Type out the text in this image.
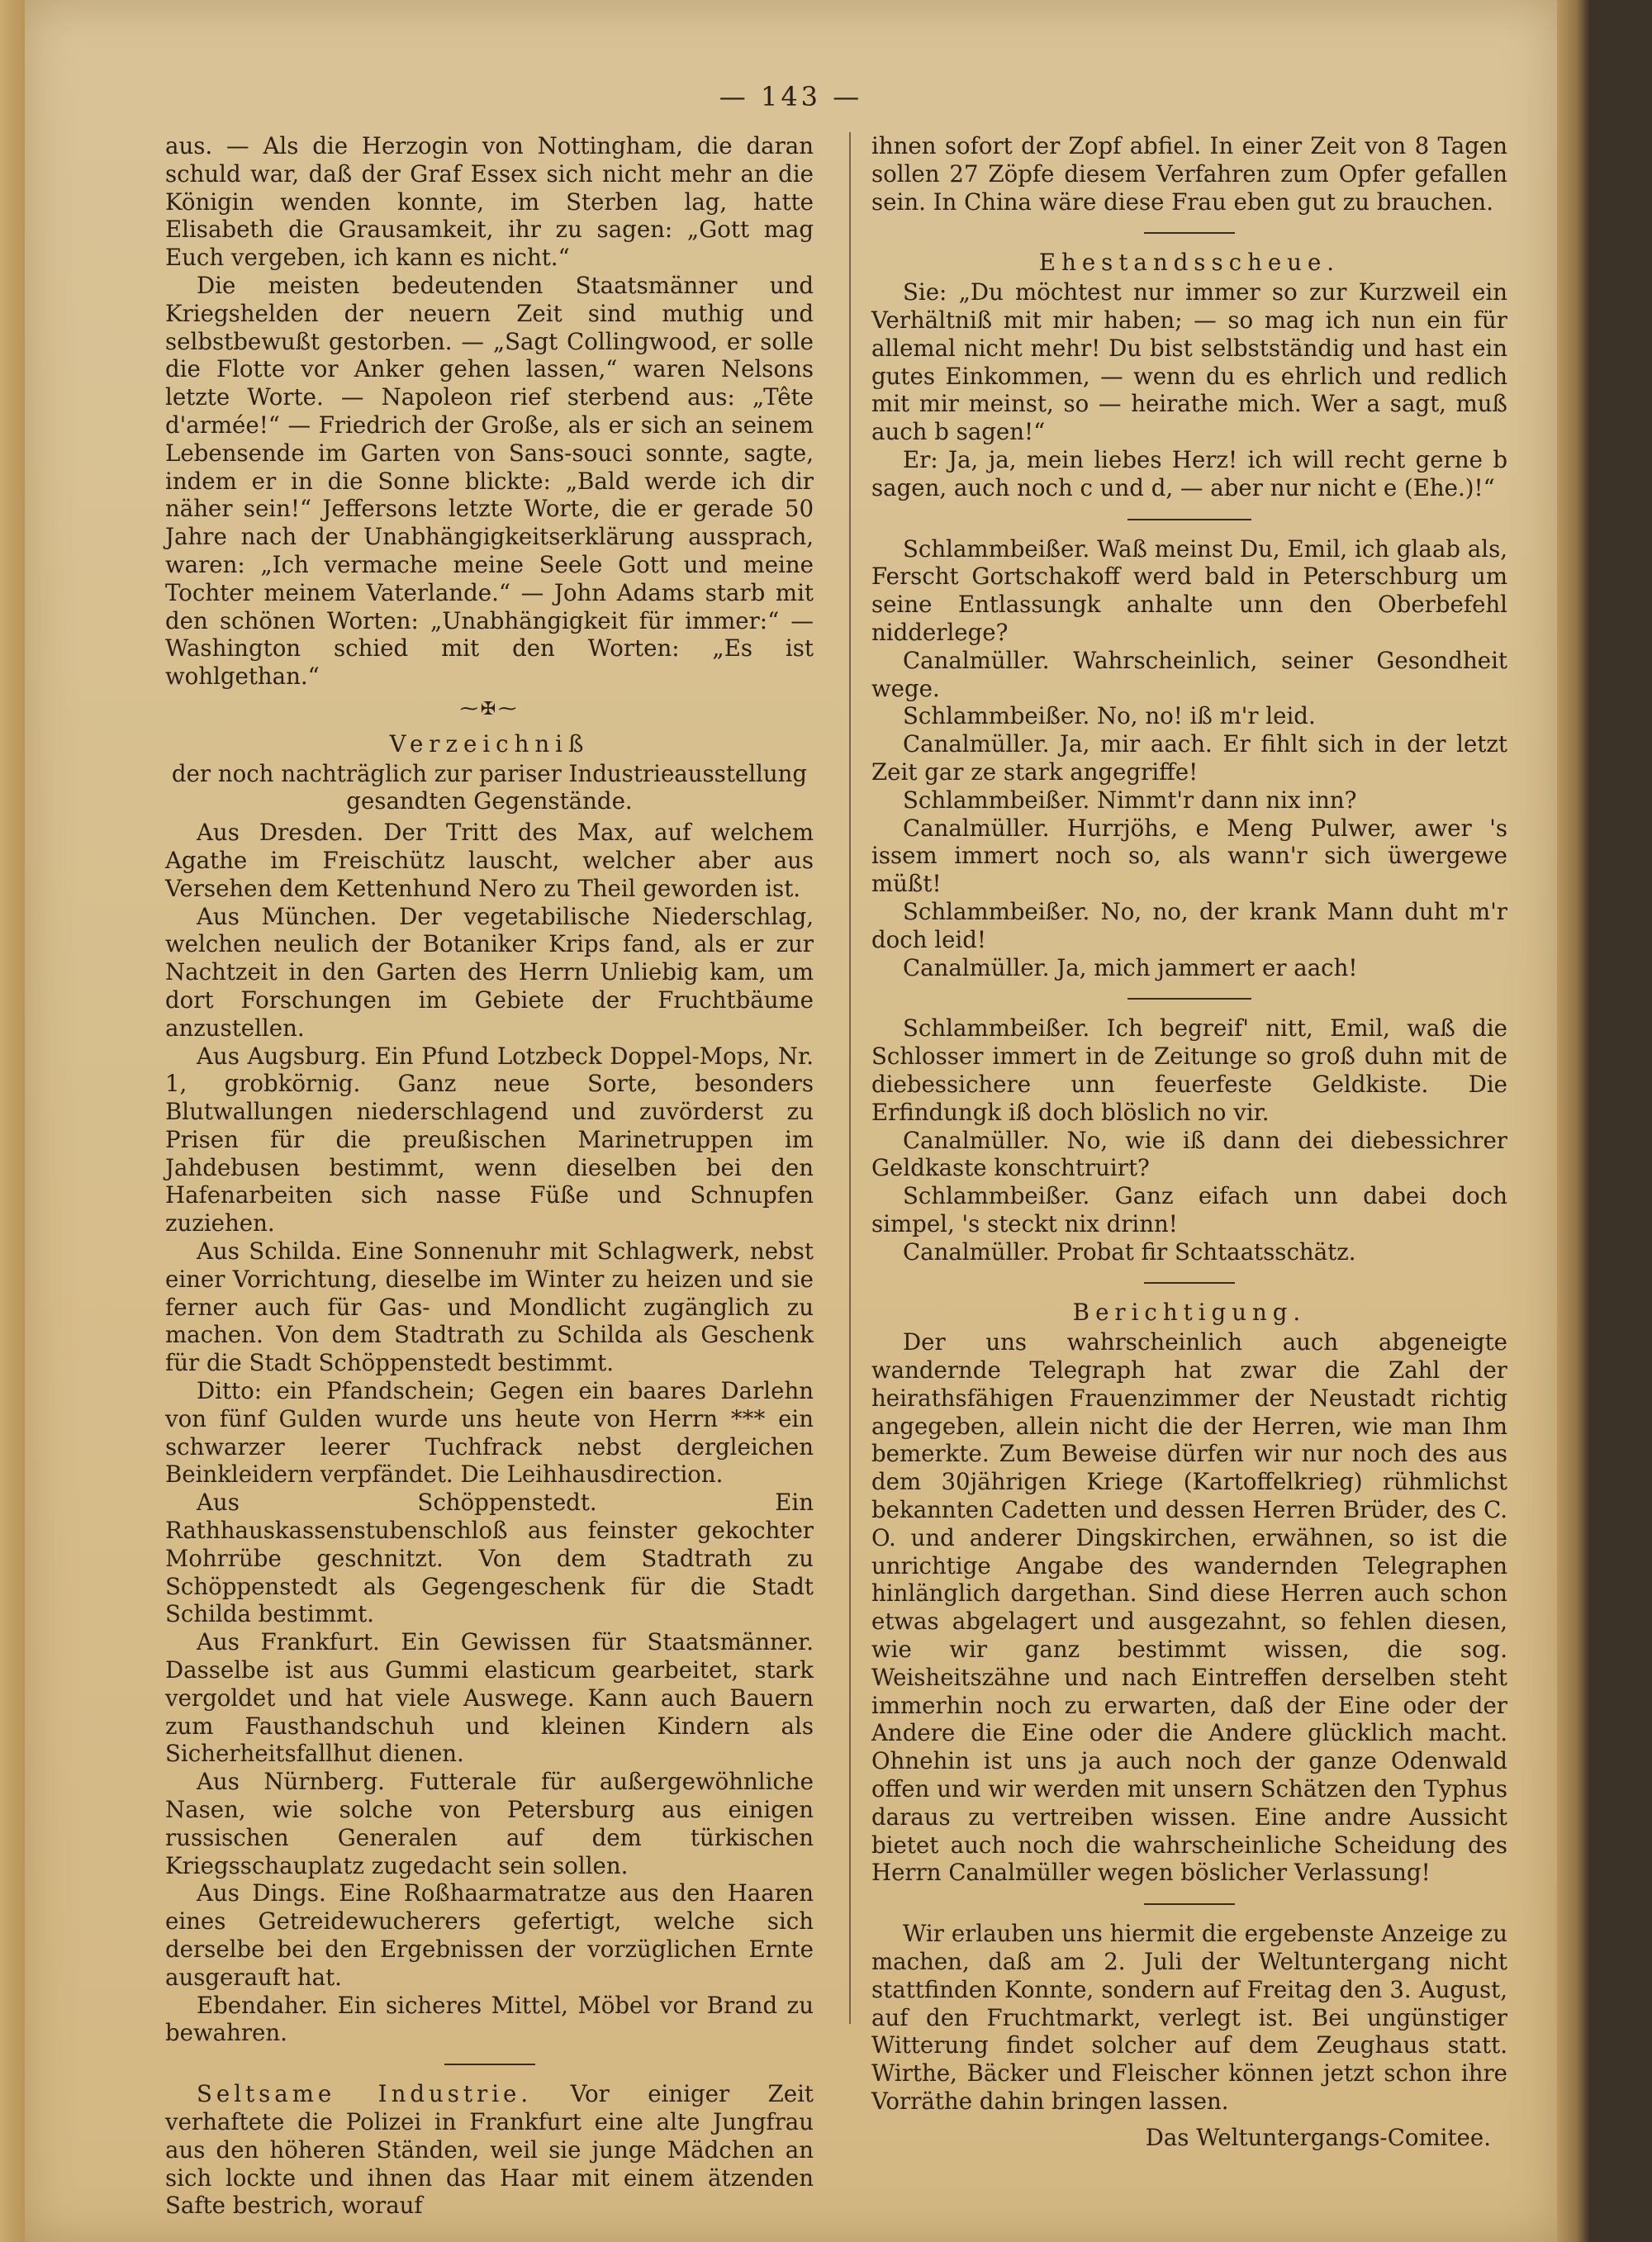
— 143 —

aus. — Als die Herzogin von Nottingham, die daran schuld war, daß der Graf Essex sich nicht mehr an die Königin wenden konnte, im Sterben lag, hatte Elisabeth die Grausamkeit, ihr zu sagen: „Gott mag Euch vergeben, ich kann es nicht.“

Die meisten bedeutenden Staatsmänner und Kriegshelden der neuern Zeit sind muthig und selbstbewußt gestorben. — „Sagt Collingwood, er solle die Flotte vor Anker gehen lassen,“ waren Nelsons letzte Worte. — Napoleon rief sterbend aus: „Tête d'armée!“ — Friedrich der Große, als er sich an seinem Lebensende im Garten von Sans-souci sonnte, sagte, indem er in die Sonne blickte: „Bald werde ich dir näher sein!“ Jeffersons letzte Worte, die er gerade 50 Jahre nach der Unabhängigkeitserklärung aussprach, waren: „Ich vermache meine Seele Gott und meine Tochter meinem Vaterlande.“ — John Adams starb mit den schönen Worten: „Unabhängigkeit für immer:“ — Washington schied mit den Worten: „Es ist wohlgethan.“

⁓✠⁓
Verzeichniß
der noch nachträglich zur pariser Industrieausstellung gesandten Gegenstände.

Aus Dresden. Der Tritt des Max, auf welchem Agathe im Freischütz lauscht, welcher aber aus Versehen dem Kettenhund Nero zu Theil geworden ist.

Aus München. Der vegetabilische Niederschlag, welchen neulich der Botaniker Krips fand, als er zur Nachtzeit in den Garten des Herrn Unliebig kam, um dort Forschungen im Gebiete der Fruchtbäume anzustellen.

Aus Augsburg. Ein Pfund Lotzbeck Doppel-Mops, Nr. 1, grobkörnig. Ganz neue Sorte, besonders Blutwallungen niederschlagend und zuvörderst zu Prisen für die preußischen Marinetruppen im Jahdebusen bestimmt, wenn dieselben bei den Hafenarbeiten sich nasse Füße und Schnupfen zuziehen.

Aus Schilda. Eine Sonnenuhr mit Schlagwerk, nebst einer Vorrichtung, dieselbe im Winter zu heizen und sie ferner auch für Gas- und Mondlicht zugänglich zu machen. Von dem Stadtrath zu Schilda als Geschenk für die Stadt Schöppenstedt bestimmt.

Ditto: ein Pfandschein; Gegen ein baares Darlehn von fünf Gulden wurde uns heute von Herrn *** ein schwarzer leerer Tuchfrack nebst dergleichen Beinkleidern verpfändet. Die Leihhausdirection.

Aus Schöppenstedt. Ein Rathhauskassenstubenschloß aus feinster gekochter Mohrrübe geschnitzt. Von dem Stadtrath zu Schöppenstedt als Gegengeschenk für die Stadt Schilda bestimmt.

Aus Frankfurt. Ein Gewissen für Staatsmänner. Dasselbe ist aus Gummi elasticum gearbeitet, stark vergoldet und hat viele Auswege. Kann auch Bauern zum Fausthandschuh und kleinen Kindern als Sicherheitsfallhut dienen.

Aus Nürnberg. Futterale für außergewöhnliche Nasen, wie solche von Petersburg aus einigen russischen Generalen auf dem türkischen Kriegsschauplatz zugedacht sein sollen.

Aus Dings. Eine Roßhaarmatratze aus den Haaren eines Getreidewucherers gefertigt, welche sich derselbe bei den Ergebnissen der vorzüglichen Ernte ausgerauft hat.

Ebendaher. Ein sicheres Mittel, Möbel vor Brand zu bewahren.

Seltsame Industrie. Vor einiger Zeit verhaftete die Polizei in Frankfurt eine alte Jungfrau aus den höheren Ständen, weil sie junge Mädchen an sich lockte und ihnen das Haar mit einem ätzenden Safte bestrich, worauf

ihnen sofort der Zopf abfiel. In einer Zeit von 8 Tagen sollen 27 Zöpfe diesem Verfahren zum Opfer gefallen sein. In China wäre diese Frau eben gut zu brauchen.

Ehestandsscheue.

Sie: „Du möchtest nur immer so zur Kurzweil ein Verhältniß mit mir haben; — so mag ich nun ein für allemal nicht mehr! Du bist selbstständig und hast ein gutes Einkommen, — wenn du es ehrlich und redlich mit mir meinst, so — heirathe mich. Wer a sagt, muß auch b sagen!“

Er: Ja, ja, mein liebes Herz! ich will recht gerne b sagen, auch noch c und d, — aber nur nicht e (Ehe.)!“

Schlammbeißer. Waß meinst Du, Emil, ich glaab als, Ferscht Gortschakoff werd bald in Peterschburg um seine Entlassungk anhalte unn den Oberbefehl nidderlege?

Canalmüller. Wahrscheinlich, seiner Gesondheit wege.

Schlammbeißer. No, no! iß m'r leid.

Canalmüller. Ja, mir aach. Er fihlt sich in der letzt Zeit gar ze stark angegriffe!

Schlammbeißer. Nimmt'r dann nix inn?

Canalmüller. Hurrjöhs, e Meng Pulwer, awer 's issem immert noch so, als wann'r sich üwergewe müßt!

Schlammbeißer. No, no, der krank Mann duht m'r doch leid!

Canalmüller. Ja, mich jammert er aach!

Schlammbeißer. Ich begreif' nitt, Emil, waß die Schlosser immert in de Zeitunge so groß duhn mit de diebessichere unn feuerfeste Geldkiste. Die Erfindungk iß doch blöslich no vir.

Canalmüller. No, wie iß dann dei diebessichrer Geldkaste konschtruirt?

Schlammbeißer. Ganz eifach unn dabei doch simpel, 's steckt nix drinn!

Canalmüller. Probat fir Schtaatsschätz.

Berichtigung.

Der uns wahrscheinlich auch abgeneigte wandernde Telegraph hat zwar die Zahl der heirathsfähigen Frauenzimmer der Neustadt richtig angegeben, allein nicht die der Herren, wie man Ihm bemerkte. Zum Beweise dürfen wir nur noch des aus dem 30jährigen Kriege (Kartoffelkrieg) rühmlichst bekannten Cadetten und dessen Herren Brüder, des C. O. und anderer Dingskirchen, erwähnen, so ist die unrichtige Angabe des wandernden Telegraphen hinlänglich dargethan. Sind diese Herren auch schon etwas abgelagert und ausgezahnt, so fehlen diesen, wie wir ganz bestimmt wissen, die sog. Weisheitszähne und nach Eintreffen derselben steht immerhin noch zu erwarten, daß der Eine oder der Andere die Eine oder die Andere glücklich macht. Ohnehin ist uns ja auch noch der ganze Odenwald offen und wir werden mit unsern Schätzen den Typhus daraus zu vertreiben wissen. Eine andre Aussicht bietet auch noch die wahrscheinliche Scheidung des Herrn Canalmüller wegen böslicher Verlassung!

Wir erlauben uns hiermit die ergebenste Anzeige zu machen, daß am 2. Juli der Weltuntergang nicht stattfinden Konnte, sondern auf Freitag den 3. August, auf den Fruchtmarkt, verlegt ist. Bei ungünstiger Witterung findet solcher auf dem Zeughaus statt. Wirthe, Bäcker und Fleischer können jetzt schon ihre Vorräthe dahin bringen lassen.

Das Weltuntergangs-Comitee.
